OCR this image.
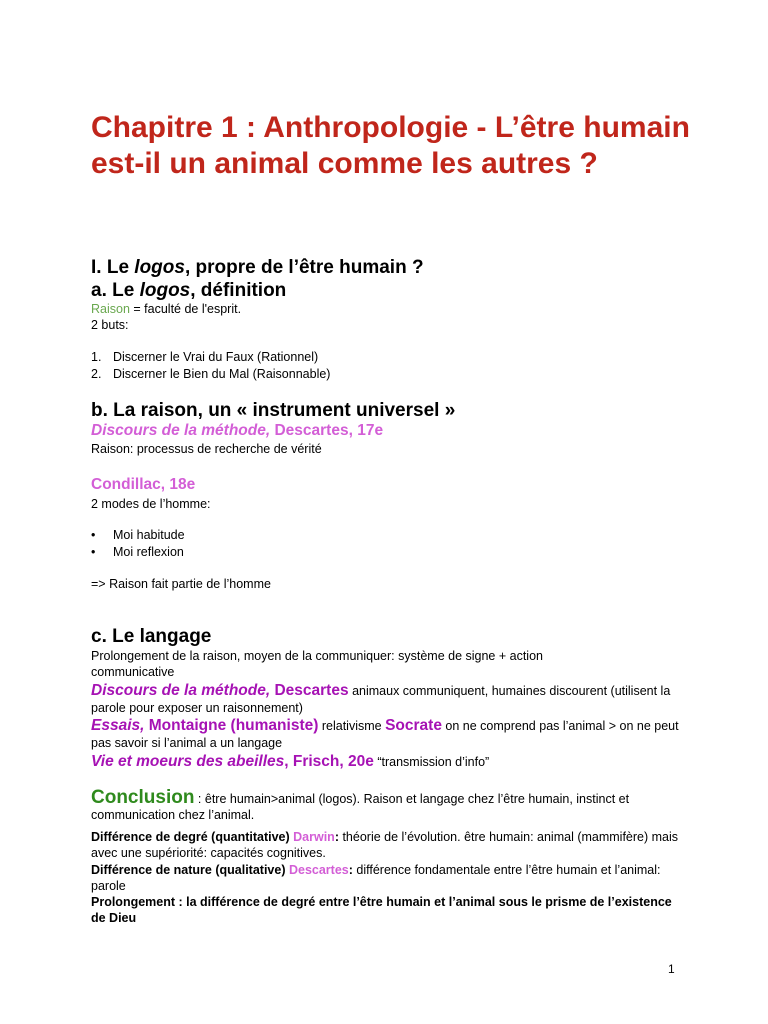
Chapitre 1 : Anthropologie - L’être humain est-il un animal comme les autres ?
I. Le logos, propre de l’être humain ?
a. Le logos, définition
Raison = faculté de l'esprit.
2 buts:
1. Discerner le Vrai du Faux (Rationnel)
2. Discerner le Bien du Mal (Raisonnable)
b. La raison, un « instrument universel »
Discours de la méthode, Descartes, 17e
Raison: processus de recherche de vérité
Condillac, 18e
2 modes de l’homme:
• Moi habitude
• Moi reflexion
=> Raison fait partie de l’homme
c. Le langage
Prolongement de la raison, moyen de la communiquer: système de signe + action communicative
Discours de la méthode, Descartes animaux communiquent, humaines discourent (utilisent la parole pour exposer un raisonnement)
Essais, Montaigne (humaniste) relativisme Socrate on ne comprend pas l’animal > on ne peut pas savoir si l’animal a un langage
Vie et moeurs des abeilles, Frisch, 20e “transmission d’info”
Conclusion : être humain>animal (logos). Raison et langage chez l’être humain, instinct et communication chez l’animal.
Différence de degré (quantitative) Darwin: théorie de l’évolution. être humain: animal (mammifère) mais avec une supériorité: capacités cognitives.
Différence de nature (qualitative) Descartes: différence fondamentale entre l’être humain et l’animal: parole
Prolongement : la différence de degré entre l’être humain et l’animal sous le prisme de l’existence de Dieu
1
